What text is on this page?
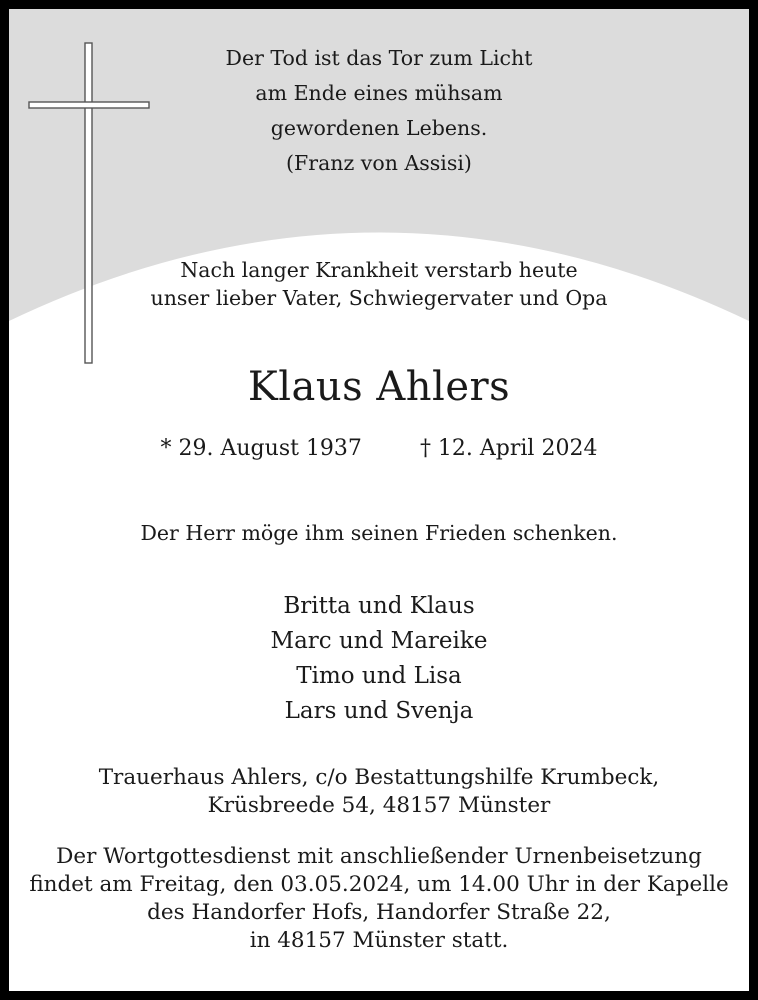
Der Tod ist das Tor zum Licht
am Ende eines mühsam
gewordenen Lebens.
(Franz von Assisi)
Nach langer Krankheit verstarb heute
unser lieber Vater, Schwiegervater und Opa
Klaus Ahlers
* 29. August 1937	† 12. April 2024
Der Herr möge ihm seinen Frieden schenken.
Britta und Klaus
Marc und Mareike
Timo und Lisa
Lars und Svenja
Trauerhaus Ahlers, c/o Bestattungshilfe Krumbeck,
Krüsbreede 54, 48157 Münster
Der Wortgottesdienst mit anschließender Urnenbeisetzung
findet am Freitag, den 03.05.2024, um 14.00 Uhr in der Kapelle
des Handorfer Hofs, Handorfer Straße 22,
in 48157 Münster statt.
